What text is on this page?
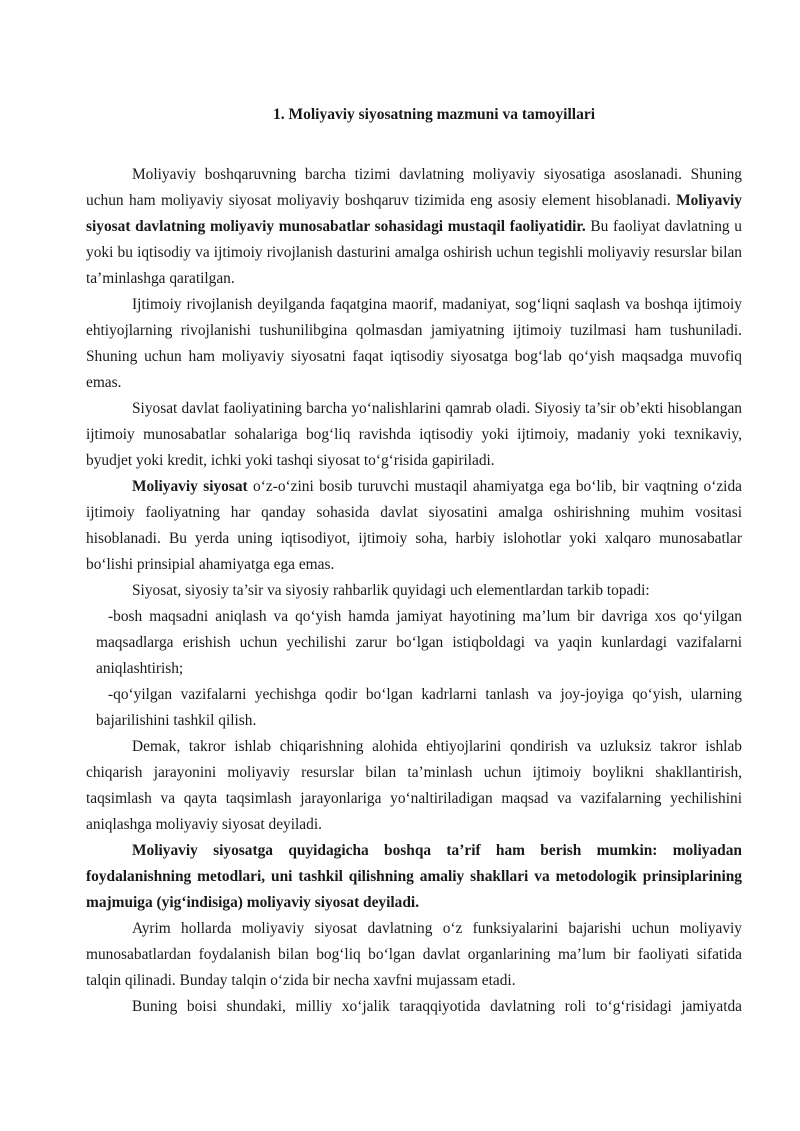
1. Moliyaviy siyosatning mazmuni va tamoyillari

Moliyaviy boshqaruvning barcha tizimi davlatning moliyaviy siyosatiga asoslanadi. Shuning uchun ham moliyaviy siyosat moliyaviy boshqaruv tizimida eng asosiy element hisoblanadi. Moliyaviy siyosat davlatning moliyaviy munosabatlar sohasidagi mustaqil faoliyatidir. Bu faoliyat davlatning u yoki bu iqtisodiy va ijtimoiy rivojlanish dasturini amalga oshirish uchun tegishli moliyaviy resurslar bilan ta’minlashga qaratilgan.

Ijtimoiy rivojlanish deyilganda faqatgina maorif, madaniyat, sog‘liqni saqlash va boshqa ijtimoiy ehtiyojlarning rivojlanishi tushunilibgina qolmasdan jamiyatning ijtimoiy tuzilmasi ham tushuniladi. Shuning uchun ham moliyaviy siyosatni faqat iqtisodiy siyosatga bog‘lab qo‘yish maqsadga muvofiq emas.

Siyosat davlat faoliyatining barcha yo‘nalishlarini qamrab oladi. Siyosiy ta’sir ob’ekti hisoblangan ijtimoiy munosabatlar sohalariga bog‘liq ravishda iqtisodiy yoki ijtimoiy, madaniy yoki texnikaviy, byudjet yoki kredit, ichki yoki tashqi siyosat to‘g‘risida gapiriladi.

Moliyaviy siyosat o‘z-o‘zini bosib turuvchi mustaqil ahamiyatga ega bo‘lib, bir vaqtning o‘zida ijtimoiy faoliyatning har qanday sohasida davlat siyosatini amalga oshirishning muhim vositasi hisoblanadi. Bu yerda uning iqtisodiyot, ijtimoiy soha, harbiy islohotlar yoki xalqaro munosabatlar bo‘lishi prinsipial ahamiyatga ega emas.

Siyosat, siyosiy ta’sir va siyosiy rahbarlik quyidagi uch elementlardan tarkib topadi:

-bosh maqsadni aniqlash va qo‘yish hamda jamiyat hayotining ma’lum bir davriga xos qo‘yilgan maqsadlarga erishish uchun yechilishi zarur bo‘lgan istiqboldagi va yaqin kunlardagi vazifalarni aniqlashtirish;

-qo‘yilgan vazifalarni yechishga qodir bo‘lgan kadrlarni tanlash va joy-joyiga qo‘yish, ularning bajarilishini tashkil qilish.

Demak, takror ishlab chiqarishning alohida ehtiyojlarini qondirish va uzluksiz takror ishlab chiqarish jarayonini moliyaviy resurslar bilan ta’minlash uchun ijtimoiy boylikni shakllantirish, taqsimlash va qayta taqsimlash jarayonlariga yo‘naltiriladigan maqsad va vazifalarning yechilishini aniqlashga moliyaviy siyosat deyiladi.

Moliyaviy siyosatga quyidagicha boshqa ta’rif ham berish mumkin: moliyadan foydalanishning metodlari, uni tashkil qilishning amaliy shakllari va metodologik prinsiplarining majmuiga (yig‘indisiga) moliyaviy siyosat deyiladi.

Ayrim hollarda moliyaviy siyosat davlatning o‘z funksiyalarini bajarishi uchun moliyaviy munosabatlardan foydalanish bilan bog‘liq bo‘lgan davlat organlarining ma’lum bir faoliyati sifatida talqin qilinadi. Bunday talqin o‘zida bir necha xavfni mujassam etadi.

Buning boisi shundaki, milliy xo‘jalik taraqqiyotida davlatning roli to‘g‘risidagi jamiyatda
